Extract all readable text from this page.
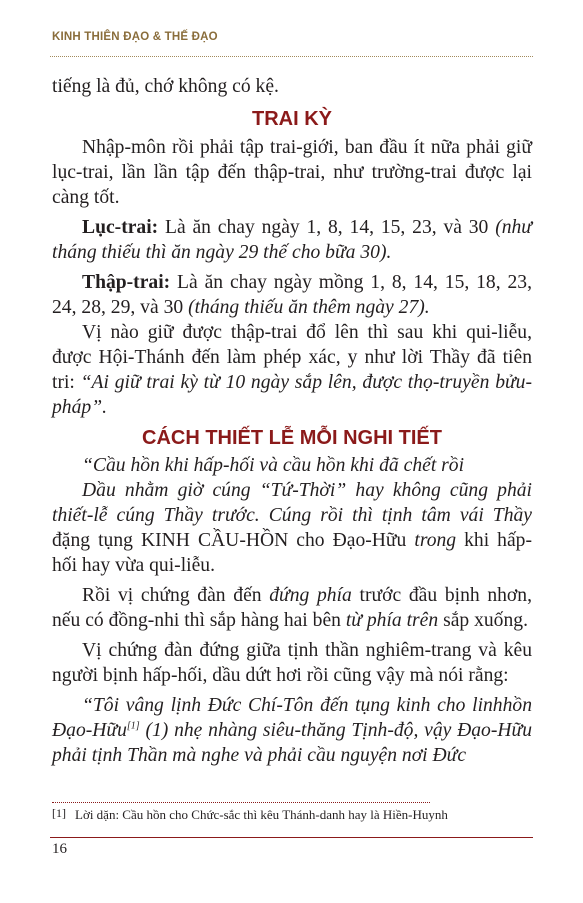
KINH THIÊN ĐẠO & THẾ ĐẠO

tiếng là đủ, chớ không có kệ.

TRAI KỲ

Nhập-môn rồi phải tập trai-giới, ban đầu ít nữa phải giữ lục-trai, lần lần tập đến thập-trai, như trường-trai được lại càng tốt.

Lục-trai: Là ăn chay ngày 1, 8, 14, 15, 23, và 30 (như tháng thiếu thì ăn ngày 29 thế cho bữa 30).

Thập-trai: Là ăn chay ngày mồng 1, 8, 14, 15, 18, 23, 24, 28, 29, và 30 (tháng thiếu ăn thêm ngày 27).

Vị nào giữ được thập-trai đổ lên thì sau khi qui-liễu, được Hội-Thánh đến làm phép xác, y như lời Thầy đã tiên tri: “Ai giữ trai kỳ từ 10 ngày sắp lên, được thọ-truyền bửu-pháp”.

CÁCH THIẾT LỄ MỖI NGHI TIẾT

“Cầu hồn khi hấp-hối và cầu hồn khi đã chết rồi

Dầu nhằm giờ cúng “Tứ-Thời” hay không cũng phải thiết-lễ cúng Thầy trước. Cúng rồi thì tịnh tâm vái Thầy đặng tụng KINH CẦU-HỒN cho Đạo-Hữu trong khi hấp-hối hay vừa qui-liễu.

Rồi vị chứng đàn đến đứng phía trước đầu bịnh nhơn, nếu có đồng-nhi thì sắp hàng hai bên từ phía trên sắp xuống.

Vị chứng đàn đứng giữa tịnh thần nghiêm-trang và kêu người bịnh hấp-hối, dầu dứt hơi rồi cũng vậy mà nói rằng:

“Tôi vâng lịnh Đức Chí-Tôn đến tụng kinh cho linhhồn Đạo-Hữu[1] (1) nhẹ nhàng siêu-thăng Tịnh-độ, vậy Đạo-Hữu phải tịnh Thần mà nghe và phải cầu nguyện nơi Đức

[1] Lời dặn: Cầu hồn cho Chức-sắc thì kêu Thánh-danh hay là Hiền-Huynh
16
